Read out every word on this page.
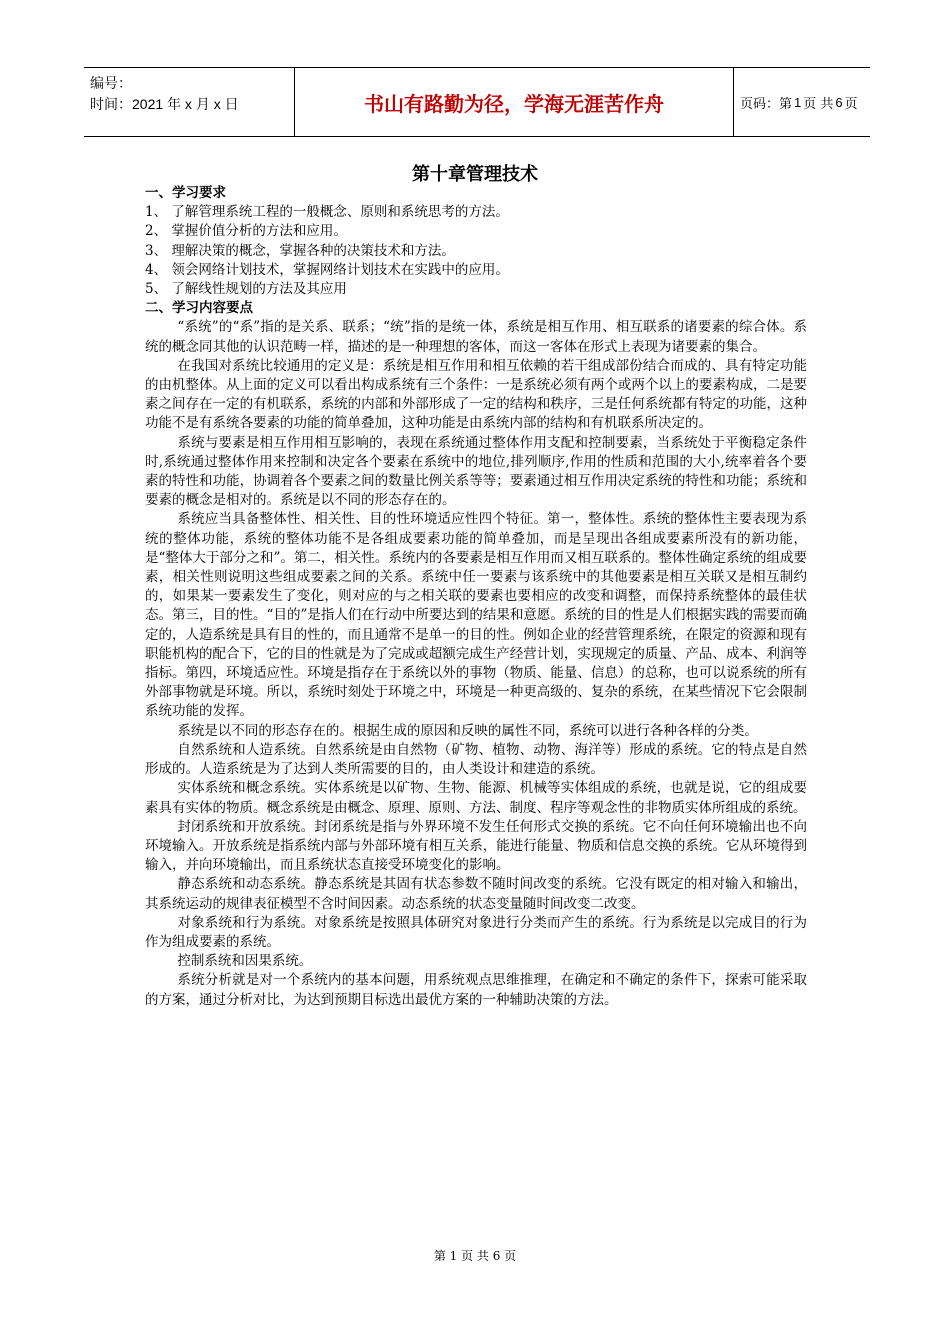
编号：
时间：2021 年 x 月 x 日	书山有路勤为径，学海无涯苦作舟	页码：第 1 页 共 6 页
第十章管理技术
一、学习要求

1、 了解管理系统工程的一般概念、原则和系统思考的方法。

2、 掌握价值分析的方法和应用。

3、 理解决策的概念，掌握各种的决策技术和方法。

4、 领会网络计划技术，掌握网络计划技术在实践中的应用。

5、 了解线性规划的方法及其应用

二、学习内容要点
“系统”的“系”指的是关系、联系；“统”指的是统一体，系统是相互作用、相互联系的诸要素的综合体。系统的概念同其他的认识范畴一样，描述的是一种理想的客体，而这一客体在形式上表现为诸要素的集合。
在我国对系统比较通用的定义是：系统是相互作用和相互依赖的若干组成部份结合而成的、具有特定功能的由机整体。从上面的定义可以看出构成系统有三个条件：一是系统必须有两个或两个以上的要素构成，二是要素之间存在一定的有机联系，系统的内部和外部形成了一定的结构和秩序，三是任何系统都有特定的功能，这种功能不是有系统各要素的功能的简单叠加，这种功能是由系统内部的结构和有机联系所决定的。
系统与要素是相互作用相互影响的，表现在系统通过整体作用支配和控制要素，当系统处于平衡稳定条件时,系统通过整体作用来控制和决定各个要素在系统中的地位,排列顺序,作用的性质和范围的大小,统率着各个要素的特性和功能，协调着各个要素之间的数量比例关系等等；要素通过相互作用决定系统的特性和功能；系统和要素的概念是相对的。系统是以不同的形态存在的。
系统应当具备整体性、相关性、目的性环境适应性四个特征。第一，整体性。系统的整体性主要表现为系统的整体功能，系统的整体功能不是各组成要素功能的简单叠加，而是呈现出各组成要素所没有的新功能，是“整体大于部分之和”。第二，相关性。系统内的各要素是相互作用而又相互联系的。整体性确定系统的组成要素，相关性则说明这些组成要素之间的关系。系统中任一要素与该系统中的其他要素是相互关联又是相互制约的，如果某一要素发生了变化，则对应的与之相关联的要素也要相应的改变和调整，而保持系统整体的最佳状态。第三，目的性。“目的”是指人们在行动中所要达到的结果和意愿。系统的目的性是人们根据实践的需要而确定的，人造系统是具有目的性的，而且通常不是单一的目的性。例如企业的经营管理系统，在限定的资源和现有职能机构的配合下，它的目的性就是为了完成或超额完成生产经营计划，实现规定的质量、产品、成本、利润等指标。第四，环境适应性。环境是指存在于系统以外的事物（物质、能量、信息）的总称，也可以说系统的所有外部事物就是环境。所以，系统时刻处于环境之中，环境是一种更高级的、复杂的系统，在某些情况下它会限制系统功能的发挥。
系统是以不同的形态存在的。根据生成的原因和反映的属性不同，系统可以进行各种各样的分类。
自然系统和人造系统。自然系统是由自然物（矿物、植物、动物、海洋等）形成的系统。它的特点是自然形成的。人造系统是为了达到人类所需要的目的，由人类设计和建造的系统。
实体系统和概念系统。实体系统是以矿物、生物、能源、机械等实体组成的系统，也就是说，它的组成要素具有实体的物质。概念系统是由概念、原理、原则、方法、制度、程序等观念性的非物质实体所组成的系统。
封闭系统和开放系统。封闭系统是指与外界环境不发生任何形式交换的系统。它不向任何环境输出也不向环境输入。开放系统是指系统内部与外部环境有相互关系，能进行能量、物质和信息交换的系统。它从环境得到输入，并向环境输出，而且系统状态直接受环境变化的影响。
静态系统和动态系统。静态系统是其固有状态参数不随时间改变的系统。它没有既定的相对输入和输出，其系统运动的规律表征模型不含时间因素。动态系统的状态变量随时间改变二改变。
对象系统和行为系统。对象系统是按照具体研究对象进行分类而产生的系统。行为系统是以完成目的行为作为组成要素的系统。
控制系统和因果系统。
系统分析就是对一个系统内的基本问题，用系统观点思维推理，在确定和不确定的条件下，探索可能采取的方案，通过分析对比，为达到预期目标选出最优方案的一种辅助决策的方法。
第 1 页 共 6 页
